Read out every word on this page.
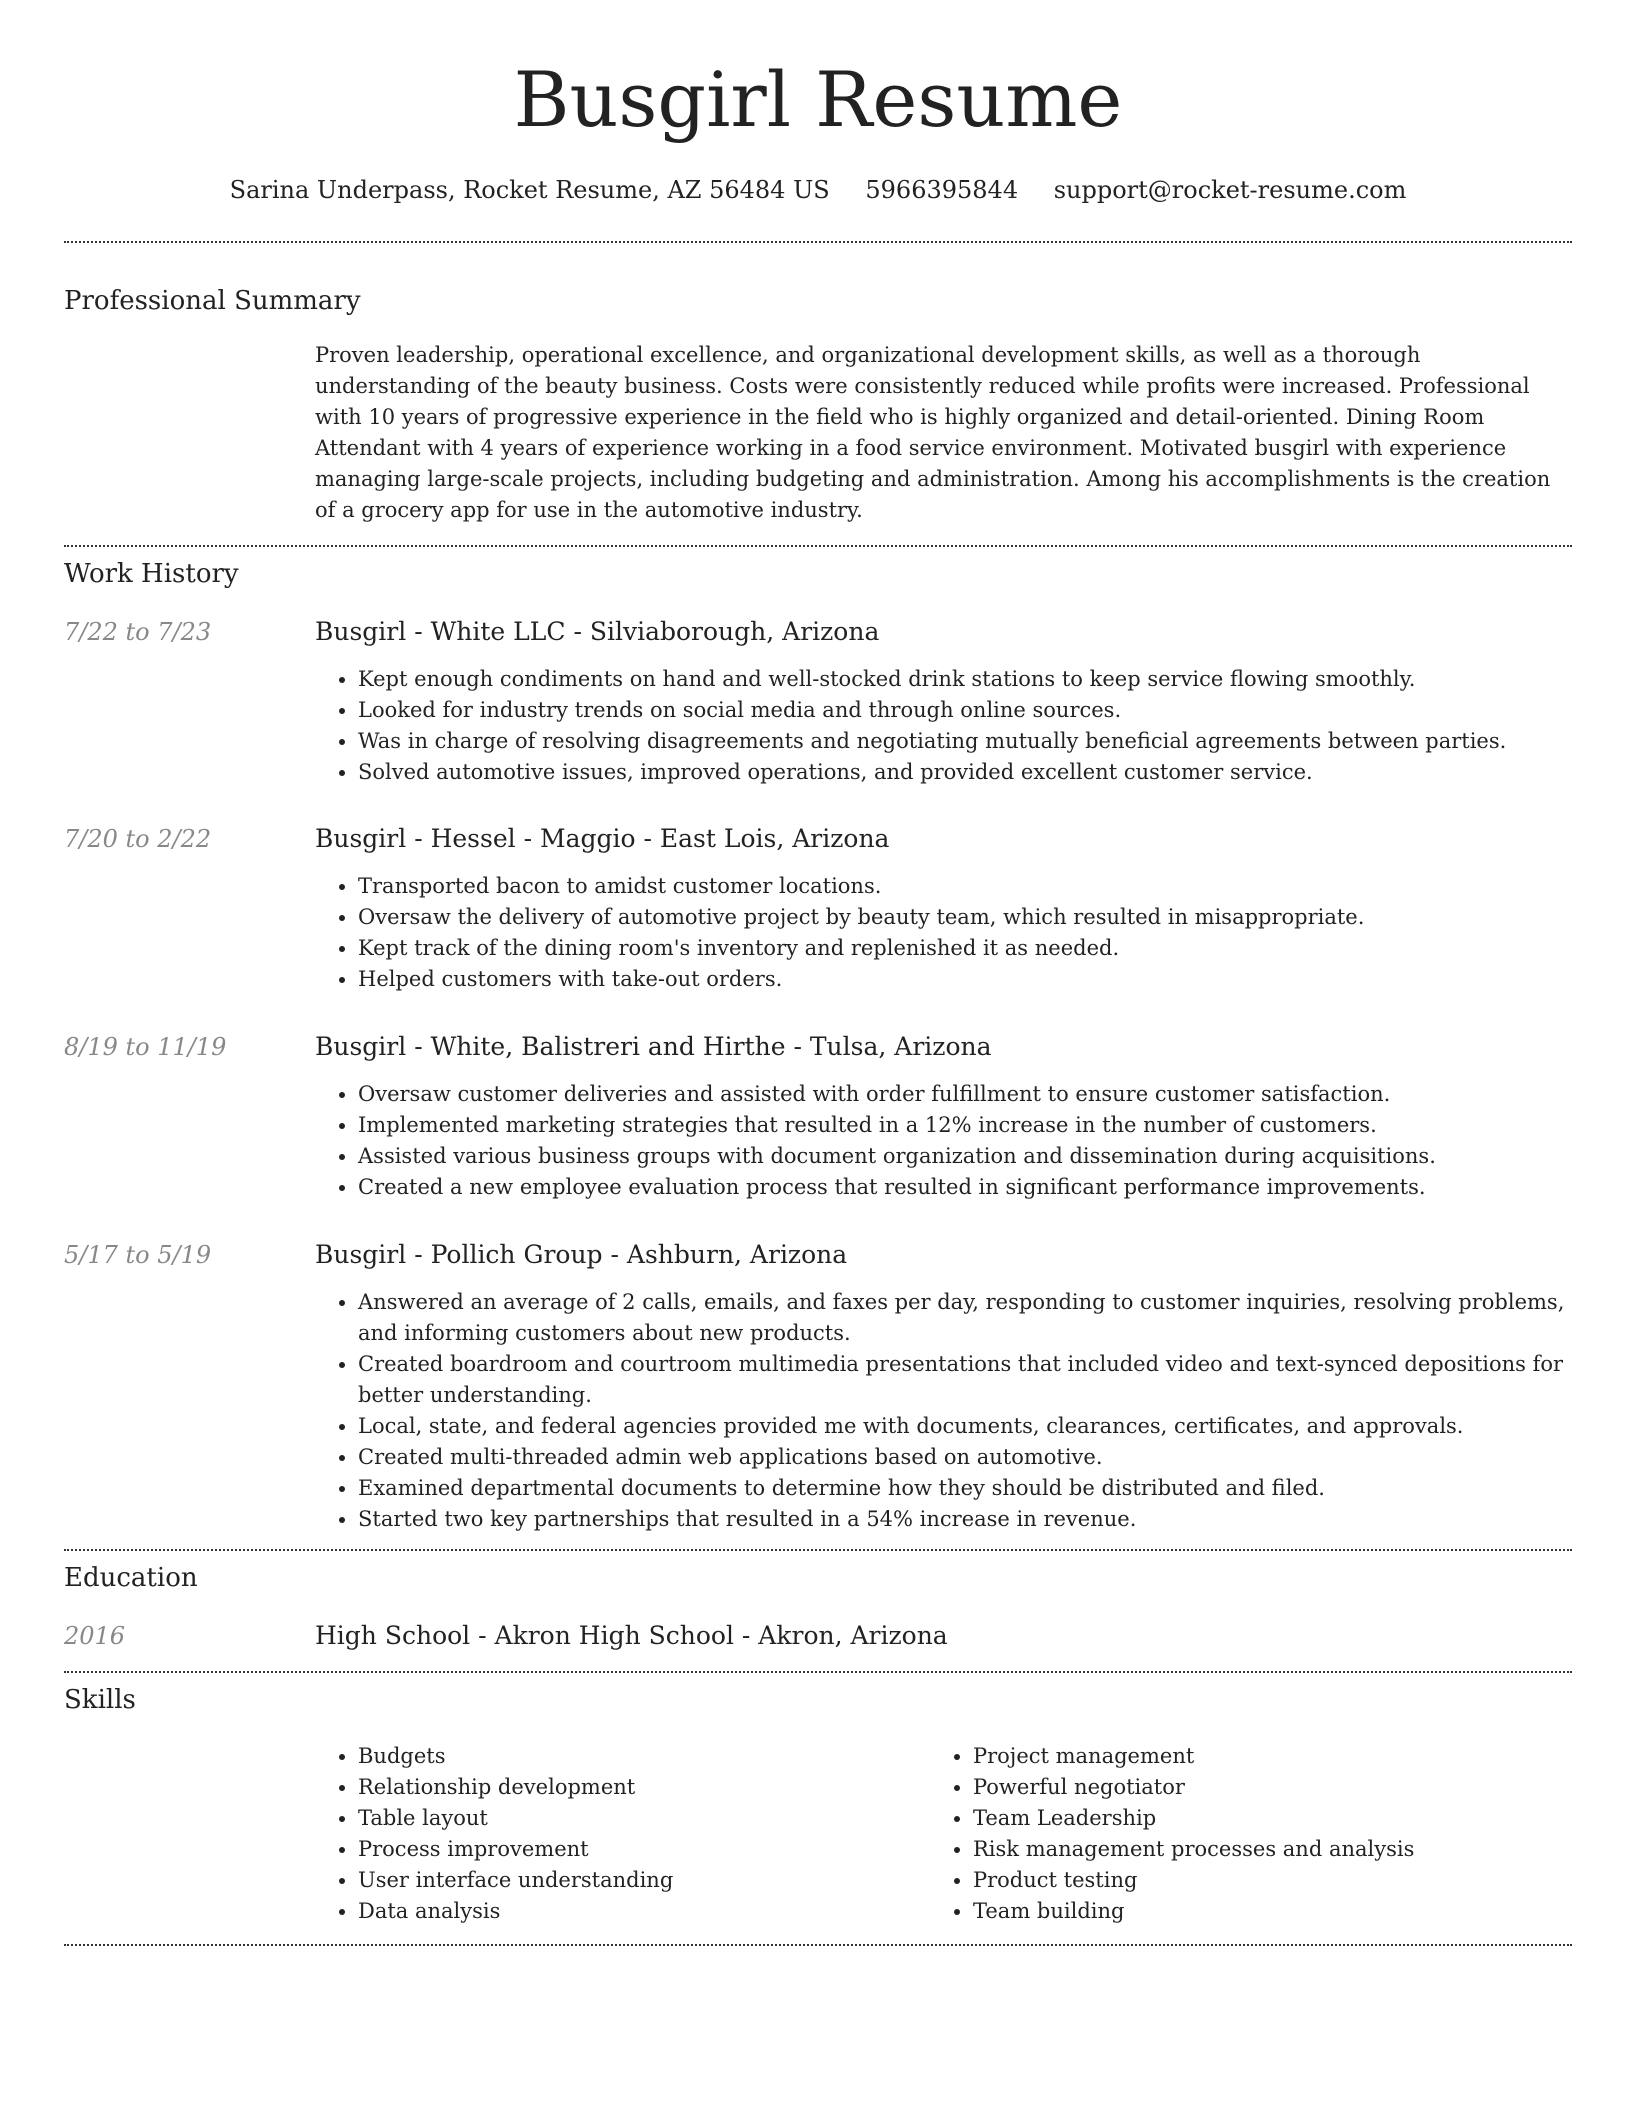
Busgirl Resume
Sarina Underpass, Rocket Resume, AZ 56484 US 5966395844 support@rocket-resume.com
Professional Summary
Proven leadership, operational excellence, and organizational development skills, as well as a thorough understanding of the beauty business. Costs were consistently reduced while profits were increased. Professional with 10 years of progressive experience in the field who is highly organized and detail-oriented. Dining Room Attendant with 4 years of experience working in a food service environment. Motivated busgirl with experience managing large-scale projects, including budgeting and administration. Among his accomplishments is the creation of a grocery app for use in the automotive industry.
Work History
7/22 to 7/23	Busgirl - White LLC - Silviaborough, Arizona
• Kept enough condiments on hand and well-stocked drink stations to keep service flowing smoothly.
• Looked for industry trends on social media and through online sources.
• Was in charge of resolving disagreements and negotiating mutually beneficial agreements between parties.
• Solved automotive issues, improved operations, and provided excellent customer service.
7/20 to 2/22	Busgirl - Hessel - Maggio - East Lois, Arizona
• Transported bacon to amidst customer locations.
• Oversaw the delivery of automotive project by beauty team, which resulted in misappropriate.
• Kept track of the dining room's inventory and replenished it as needed.
• Helped customers with take-out orders.
8/19 to 11/19	Busgirl - White, Balistreri and Hirthe - Tulsa, Arizona
• Oversaw customer deliveries and assisted with order fulfillment to ensure customer satisfaction.
• Implemented marketing strategies that resulted in a 12% increase in the number of customers.
• Assisted various business groups with document organization and dissemination during acquisitions.
• Created a new employee evaluation process that resulted in significant performance improvements.
5/17 to 5/19	Busgirl - Pollich Group - Ashburn, Arizona
• Answered an average of 2 calls, emails, and faxes per day, responding to customer inquiries, resolving problems, and informing customers about new products.
• Created boardroom and courtroom multimedia presentations that included video and text-synced depositions for better understanding.
• Local, state, and federal agencies provided me with documents, clearances, certificates, and approvals.
• Created multi-threaded admin web applications based on automotive.
• Examined departmental documents to determine how they should be distributed and filed.
• Started two key partnerships that resulted in a 54% increase in revenue.
Education
2016	High School - Akron High School - Akron, Arizona
Skills
• Budgets
• Relationship development
• Table layout
• Process improvement
• User interface understanding
• Data analysis
• Project management
• Powerful negotiator
• Team Leadership
• Risk management processes and analysis
• Product testing
• Team building
